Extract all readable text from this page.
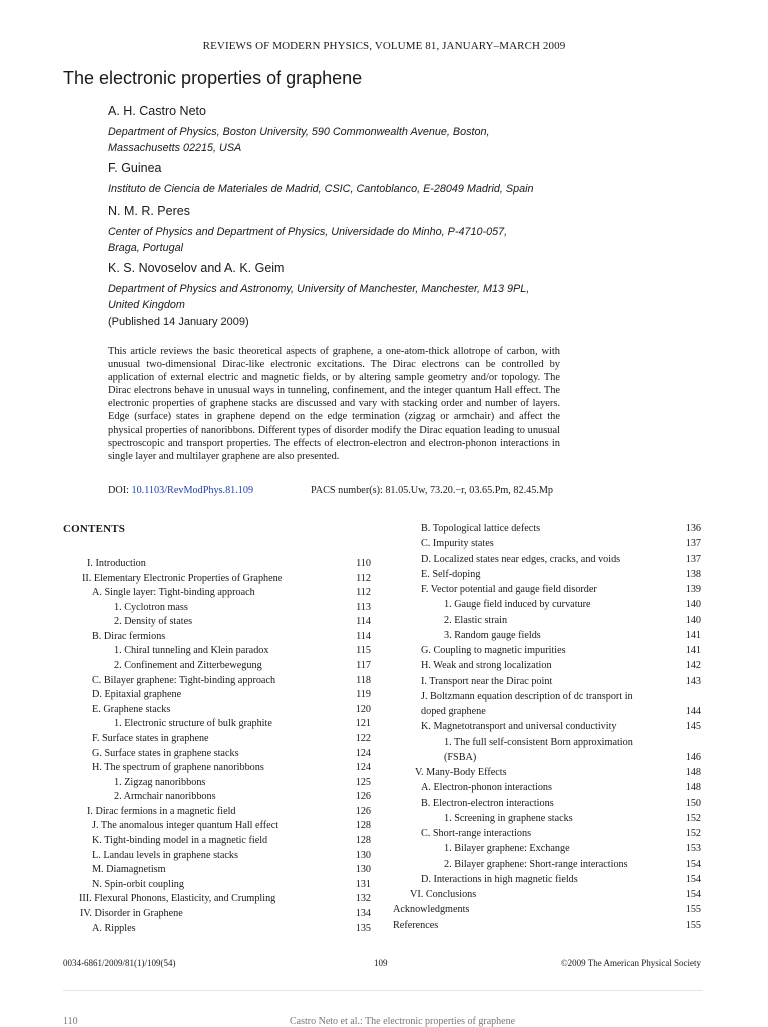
REVIEWS OF MODERN PHYSICS, VOLUME 81, JANUARY–MARCH 2009
The electronic properties of graphene
A. H. Castro Neto
Department of Physics, Boston University, 590 Commonwealth Avenue, Boston,
Massachusetts 02215, USA
F. Guinea
Instituto de Ciencia de Materiales de Madrid, CSIC, Cantoblanco, E-28049 Madrid, Spain
N. M. R. Peres
Center of Physics and Department of Physics, Universidade do Minho, P-4710-057,
Braga, Portugal
K. S. Novoselov and A. K. Geim
Department of Physics and Astronomy, University of Manchester, Manchester, M13 9PL,
United Kingdom
(Published 14 January 2009)
This article reviews the basic theoretical aspects of graphene, a one-atom-thick allotrope of carbon, with unusual two-dimensional Dirac-like electronic excitations. The Dirac electrons can be controlled by application of external electric and magnetic fields, or by altering sample geometry and/or topology. The Dirac electrons behave in unusual ways in tunneling, confinement, and the integer quantum Hall effect. The electronic properties of graphene stacks are discussed and vary with stacking order and number of layers. Edge (surface) states in graphene depend on the edge termination (zigzag or armchair) and affect the physical properties of nanoribbons. Different types of disorder modify the Dirac equation leading to unusual spectroscopic and transport properties. The effects of electron-electron and electron-phonon interactions in single layer and multilayer graphene are also presented.
DOI: 10.1103/RevModPhys.81.109	PACS number(s): 81.05.Uw, 73.20.−r, 03.65.Pm, 82.45.Mp
CONTENTS
I. Introduction	110
II. Elementary Electronic Properties of Graphene	112
A. Single layer: Tight-binding approach	112
1. Cyclotron mass	113
2. Density of states	114
B. Dirac fermions	114
1. Chiral tunneling and Klein paradox	115
2. Confinement and Zitterbewegung	117
C. Bilayer graphene: Tight-binding approach	118
D. Epitaxial graphene	119
E. Graphene stacks	120
1. Electronic structure of bulk graphite	121
F. Surface states in graphene	122
G. Surface states in graphene stacks	124
H. The spectrum of graphene nanoribbons	124
1. Zigzag nanoribbons	125
2. Armchair nanoribbons	126
I. Dirac fermions in a magnetic field	126
J. The anomalous integer quantum Hall effect	128
K. Tight-binding model in a magnetic field	128
L. Landau levels in graphene stacks	130
M. Diamagnetism	130
N. Spin-orbit coupling	131
III. Flexural Phonons, Elasticity, and Crumpling	132
IV. Disorder in Graphene	134
A. Ripples	135
B. Topological lattice defects	136
C. Impurity states	137
D. Localized states near edges, cracks, and voids	137
E. Self-doping	138
F. Vector potential and gauge field disorder	139
1. Gauge field induced by curvature	140
2. Elastic strain	140
3. Random gauge fields	141
G. Coupling to magnetic impurities	141
H. Weak and strong localization	142
I. Transport near the Dirac point	143
J. Boltzmann equation description of dc transport in
doped graphene	144
K. Magnetotransport and universal conductivity	145
1. The full self-consistent Born approximation
(FSBA)	146
V. Many-Body Effects	148
A. Electron-phonon interactions	148
B. Electron-electron interactions	150
1. Screening in graphene stacks	152
C. Short-range interactions	152
1. Bilayer graphene: Exchange	153
2. Bilayer graphene: Short-range interactions	154
D. Interactions in high magnetic fields	154
VI. Conclusions	154
Acknowledgments	155
References	155
0034-6861/2009/81(1)/109(54)	109	©2009 The American Physical Society
110	Castro Neto et al.: The electronic properties of graphene
